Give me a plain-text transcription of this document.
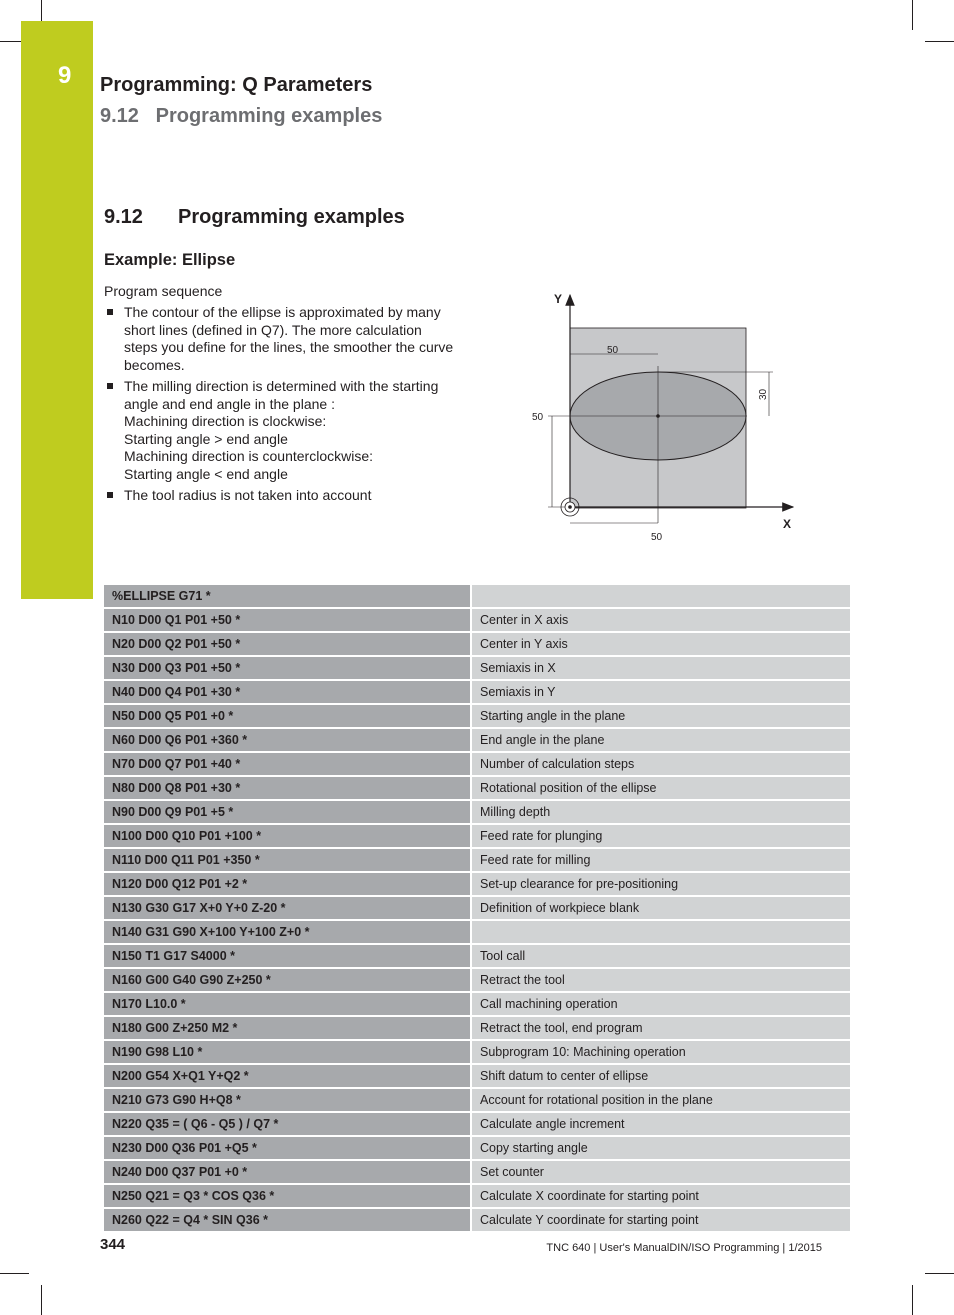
9 Programming: Q Parameters
9.12 Programming examples
9.12 Programming examples
Example: Ellipse
Program sequence
The contour of the ellipse is approximated by many
short lines (defined in Q7). The more calculation
steps you define for the lines, the smoother the curve
becomes.
The milling direction is determined with the starting
angle and end angle in the plane :
Machining direction is clockwise:
Starting angle > end angle
Machining direction is counterclockwise:
Starting angle < end angle
The tool radius is not taken into account
Y
X
50
30
50
50
%ELLIPSE G71 *	
N10 D00 Q1 P01 +50 *	Center in X axis
N20 D00 Q2 P01 +50 *	Center in Y axis
N30 D00 Q3 P01 +50 *	Semiaxis in X
N40 D00 Q4 P01 +30 *	Semiaxis in Y
N50 D00 Q5 P01 +0 *	Starting angle in the plane
N60 D00 Q6 P01 +360 *	End angle in the plane
N70 D00 Q7 P01 +40 *	Number of calculation steps
N80 D00 Q8 P01 +30 *	Rotational position of the ellipse
N90 D00 Q9 P01 +5 *	Milling depth
N100 D00 Q10 P01 +100 *	Feed rate for plunging
N110 D00 Q11 P01 +350 *	Feed rate for milling
N120 D00 Q12 P01 +2 *	Set-up clearance for pre-positioning
N130 G30 G17 X+0 Y+0 Z-20 *	Definition of workpiece blank
N140 G31 G90 X+100 Y+100 Z+0 *	
N150 T1 G17 S4000 *	Tool call
N160 G00 G40 G90 Z+250 *	Retract the tool
N170 L10.0 *	Call machining operation
N180 G00 Z+250 M2 *	Retract the tool, end program
N190 G98 L10 *	Subprogram 10: Machining operation
N200 G54 X+Q1 Y+Q2 *	Shift datum to center of ellipse
N210 G73 G90 H+Q8 *	Account for rotational position in the plane
N220 Q35 = ( Q6 - Q5 ) / Q7 *	Calculate angle increment
N230 D00 Q36 P01 +Q5 *	Copy starting angle
N240 D00 Q37 P01 +0 *	Set counter
N250 Q21 = Q3 * COS Q36 *	Calculate X coordinate for starting point
N260 Q22 = Q4 * SIN Q36 *	Calculate Y coordinate for starting point
344	TNC 640 | User's ManualDIN/ISO Programming | 1/2015
